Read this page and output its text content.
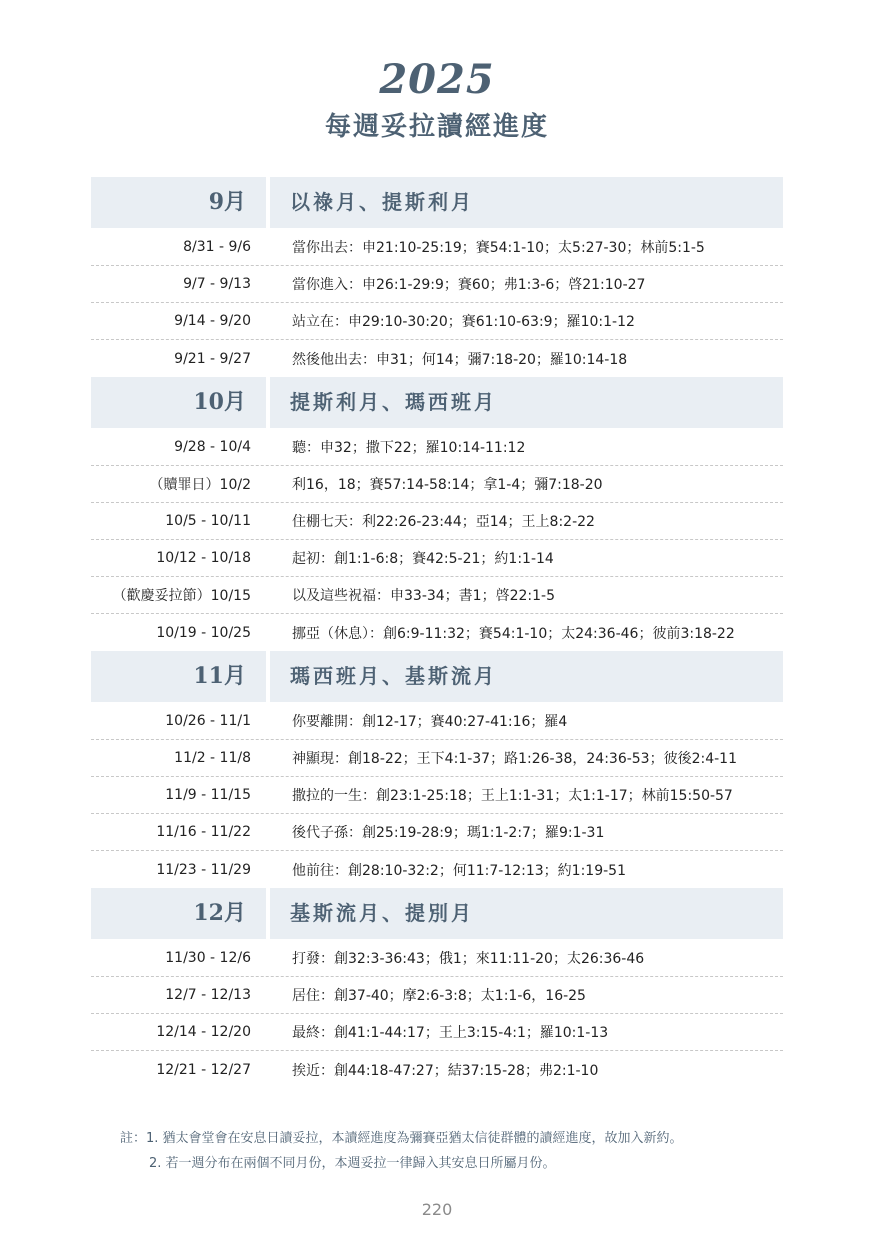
2025
每週妥拉讀經進度
9月	以祿月、提斯利月
8/31 - 9/6	當你出去：申21:10-25:19；賽54:1-10；太5:27-30；林前5:1-5
9/7 - 9/13	當你進入：申26:1-29:9；賽60；弗1:3-6；啓21:10-27
9/14 - 9/20	站立在：申29:10-30:20；賽61:10-63:9；羅10:1-12
9/21 - 9/27	然後他出去：申31；何14；彌7:18-20；羅10:14-18
10月	提斯利月、瑪西班月
9/28 - 10/4	聽：申32；撒下22；羅10:14-11:12
（贖罪日）10/2	利16，18；賽57:14-58:14；拿1-4；彌7:18-20
10/5 - 10/11	住棚七天：利22:26-23:44；亞14；王上8:2-22
10/12 - 10/18	起初：創1:1-6:8；賽42:5-21；約1:1-14
（歡慶妥拉節）10/15	以及這些祝福：申33-34；書1；啓22:1-5
10/19 - 10/25	挪亞（休息）：創6:9-11:32；賽54:1-10；太24:36-46；彼前3:18-22
11月	瑪西班月、基斯流月
10/26 - 11/1	你要離開：創12-17；賽40:27-41:16；羅4
11/2 - 11/8	神顯現：創18-22；王下4:1-37；路1:26-38，24:36-53；彼後2:4-11
11/9 - 11/15	撒拉的一生：創23:1-25:18；王上1:1-31；太1:1-17；林前15:50-57
11/16 - 11/22	後代子孫：創25:19-28:9；瑪1:1-2:7；羅9:1-31
11/23 - 11/29	他前往：創28:10-32:2；何11:7-12:13；約1:19-51
12月	基斯流月、提別月
11/30 - 12/6	打發：創32:3-36:43；俄1；來11:11-20；太26:36-46
12/7 - 12/13	居住：創37-40；摩2:6-3:8；太1:1-6，16-25
12/14 - 12/20	最終：創41:1-44:17；王上3:15-4:1；羅10:1-13
12/21 - 12/27	挨近：創44:18-47:27；結37:15-28；弗2:1-10
註：1. 猶太會堂會在安息日讀妥拉，本讀經進度為彌賽亞猶太信徒群體的讀經進度，故加入新約。
2. 若一週分布在兩個不同月份，本週妥拉一律歸入其安息日所屬月份。
220
